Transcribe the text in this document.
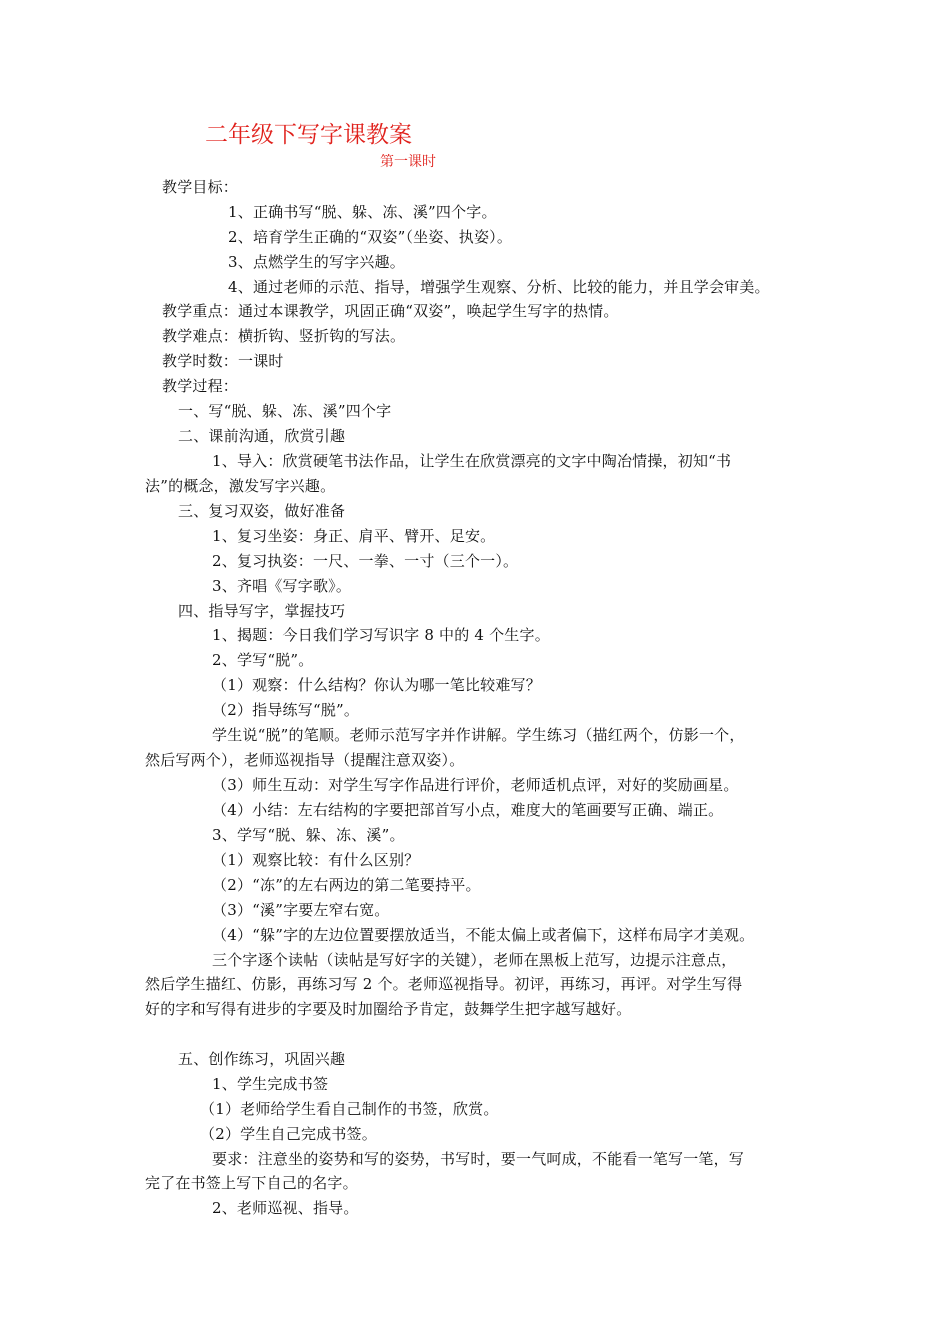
二年级下写字课教案
第一课时
教学目标：
1、正确书写“脱、躲、冻、溪”四个字。
2、培育学生正确的“双姿”（坐姿、执姿）。
3、点燃学生的写字兴趣。
4、通过老师的示范、指导，增强学生观察、分析、比较的能力，并且学会审美。
教学重点：通过本课教学，巩固正确“双姿”，唤起学生写字的热情。
教学难点：横折钩、竖折钩的写法。
教学时数：一课时
教学过程：
一、写“脱、躲、冻、溪”四个字
二、课前沟通，欣赏引趣
1、导入：欣赏硬笔书法作品，让学生在欣赏漂亮的文字中陶冶情操，初知“书
法”的概念，激发写字兴趣。
三、复习双姿，做好准备
1、复习坐姿：身正、肩平、臂开、足安。
2、复习执姿：一尺、一拳、一寸（三个一）。
3、齐唱《写字歌》。
四、指导写字，掌握技巧
1、揭题：今日我们学习写识字 8 中的 4 个生字。
2、学写“脱”。
（1）观察：什么结构？你认为哪一笔比较难写？
（2）指导练写“脱”。
学生说“脱”的笔顺。老师示范写字并作讲解。学生练习（描红两个，仿影一个，
然后写两个），老师巡视指导（提醒注意双姿）。
（3）师生互动：对学生写字作品进行评价，老师适机点评，对好的奖励画星。
（4）小结：左右结构的字要把部首写小点，难度大的笔画要写正确、端正。
3、学写“脱、躲、冻、溪”。
（1）观察比较：有什么区别？
（2）“冻”的左右两边的第二笔要持平。
（3）“溪”字要左窄右宽。
（4）“躲”字的左边位置要摆放适当，不能太偏上或者偏下，这样布局字才美观。
三个字逐个读帖（读帖是写好字的关键），老师在黑板上范写，边提示注意点，
然后学生描红、仿影，再练习写 2 个。老师巡视指导。初评，再练习，再评。对学生写得
好的字和写得有进步的字要及时加圈给予肯定，鼓舞学生把字越写越好。
五、创作练习，巩固兴趣
1、学生完成书签
（1）老师给学生看自己制作的书签，欣赏。
（2）学生自己完成书签。
要求：注意坐的姿势和写的姿势，书写时，要一气呵成，不能看一笔写一笔，写
完了在书签上写下自己的名字。
2、老师巡视、指导。
